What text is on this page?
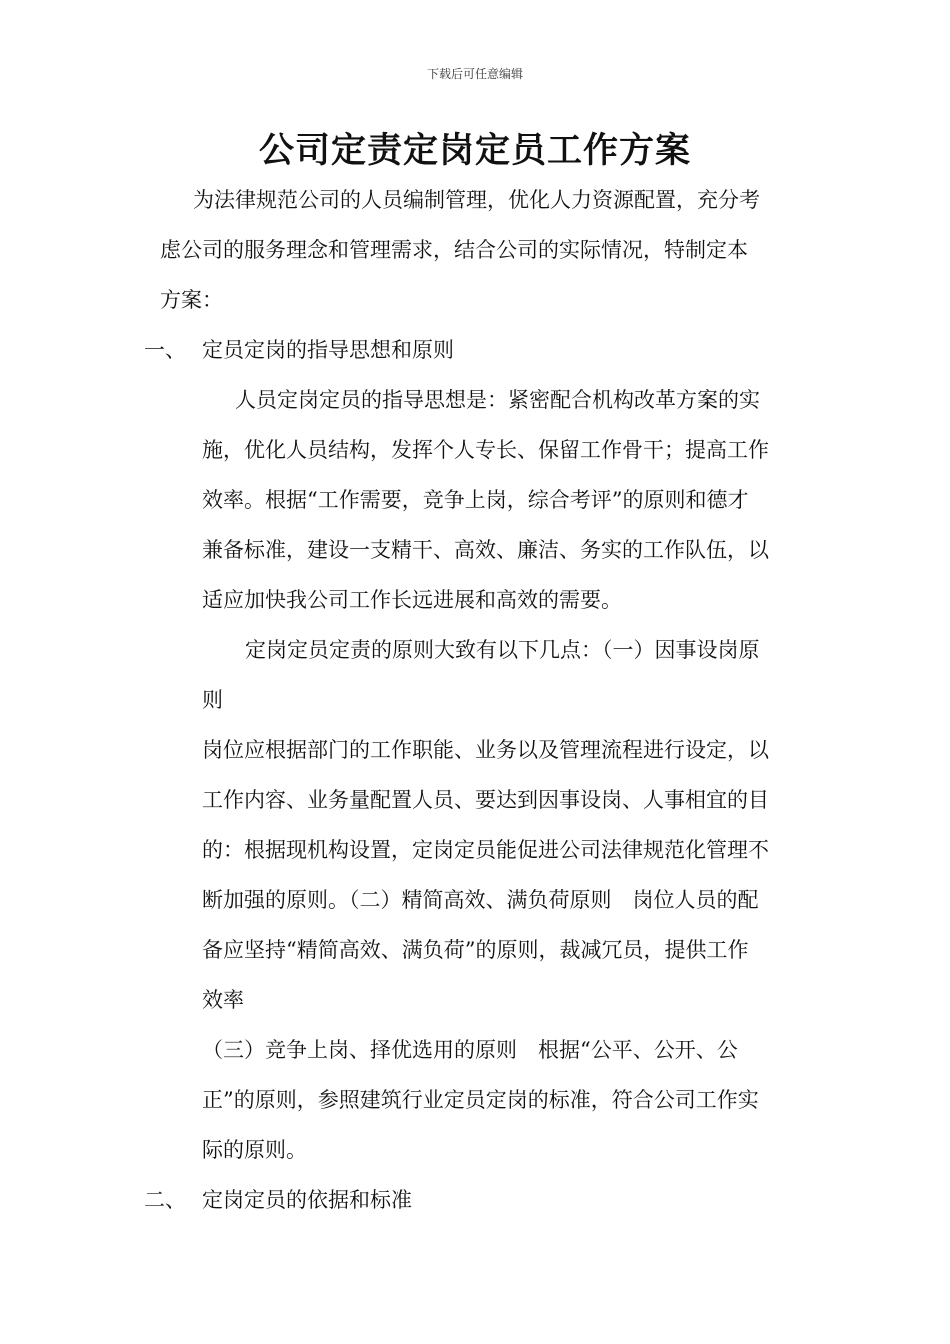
下载后可任意编辑
公司定责定岗定员工作方案
为法律规范公司的人员编制管理，优化人力资源配置，充分考
虑公司的服务理念和管理需求，结合公司的实际情况，特制定本
方案：
一、 定员定岗的指导思想和原则
人员定岗定员的指导思想是：紧密配合机构改革方案的实
施，优化人员结构，发挥个人专长、保留工作骨干；提高工作
效率。根据“工作需要，竞争上岗，综合考评”的原则和德才
兼备标准，建设一支精干、高效、廉洁、务实的工作队伍，以
适应加快我公司工作长远进展和高效的需要。
定岗定员定责的原则大致有以下几点：（一）因事设岗原
则
岗位应根据部门的工作职能、业务以及管理流程进行设定，以
工作内容、业务量配置人员、要达到因事设岗、人事相宜的目
的：根据现机构设置，定岗定员能促进公司法律规范化管理不
断加强的原则。（二）精简高效、满负荷原则　岗位人员的配
备应坚持“精简高效、满负荷”的原则，裁减冗员，提供工作
效率
（三）竞争上岗、择优选用的原则　根据“公平、公开、公
正”的原则，参照建筑行业定员定岗的标准，符合公司工作实
际的原则。
二、 定岗定员的依据和标准
